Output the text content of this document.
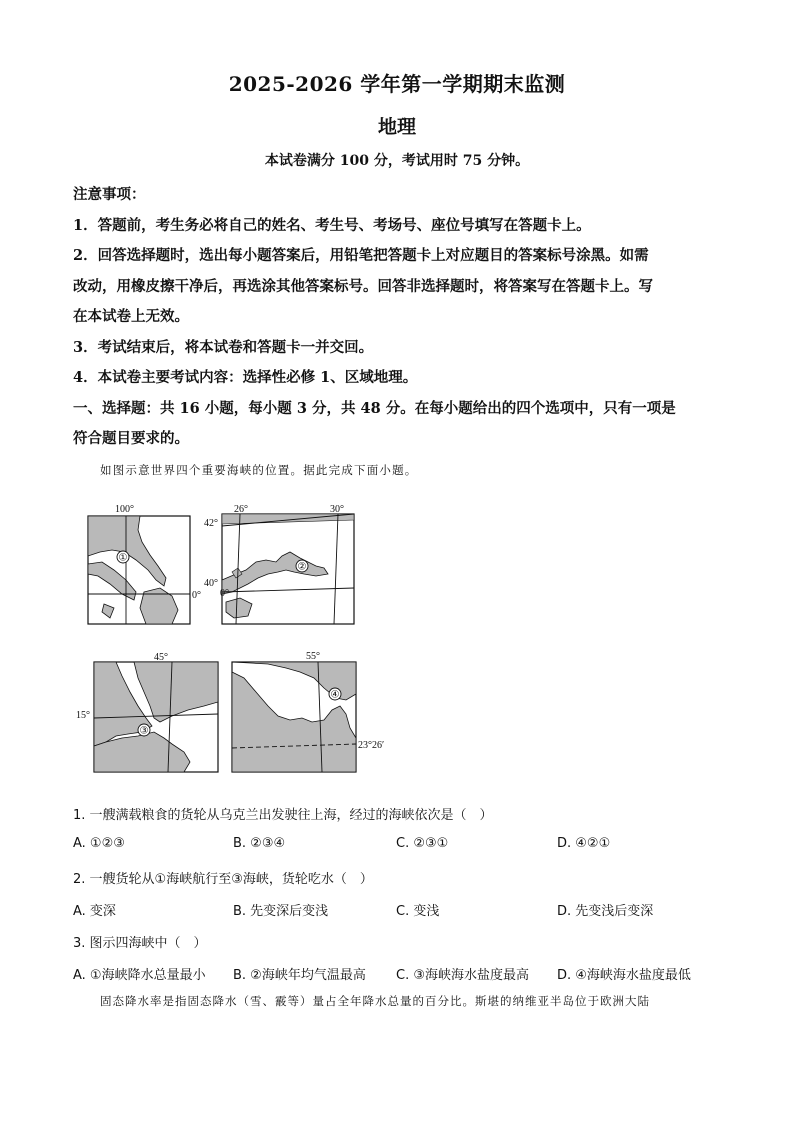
2025-2026 学年第一学期期末监测
地理
本试卷满分 100 分，考试用时 75 分钟。

注意事项：

1．答题前，考生务必将自己的姓名、考生号、考场号、座位号填写在答题卡上。

2．回答选择题时，选出每小题答案后，用铅笔把答题卡上对应题目的答案标号涂黑。如需

改动，用橡皮擦干净后，再选涂其他答案标号。回答非选择题时，将答案写在答题卡上。写

在本试卷上无效。

3．考试结束后，将本试卷和答题卡一并交回。

4．本试卷主要考试内容：选择性必修 1、区域地理。

一、选择题：共 16 小题，每小题 3 分，共 48 分。在每小题给出的四个选项中，只有一项是

符合题目要求的。

如图示意世界四个重要海峡的位置。据此完成下面小题。
①
100°
0°
②
26°	30°
42°
40°
0°
③
45°
15°
④
55°
23°26′
1. 一艘满载粮食的货轮从乌克兰出发驶往上海，经过的海峡依次是（　）
A. ①②③	B. ②③④	C. ②③①	D. ④②①
2. 一艘货轮从①海峡航行至③海峡，货轮吃水（　）
A. 变深	B. 先变深后变浅	C. 变浅	D. 先变浅后变深
3. 图示四海峡中（　）
A. ①海峡降水总量最小 B. ②海峡年均气温最高 C. ③海峡海水盐度最高 D. ④海峡海水盐度最低
固态降水率是指固态降水（雪、霰等）量占全年降水总量的百分比。斯堪的纳维亚半岛位于欧洲大陆
